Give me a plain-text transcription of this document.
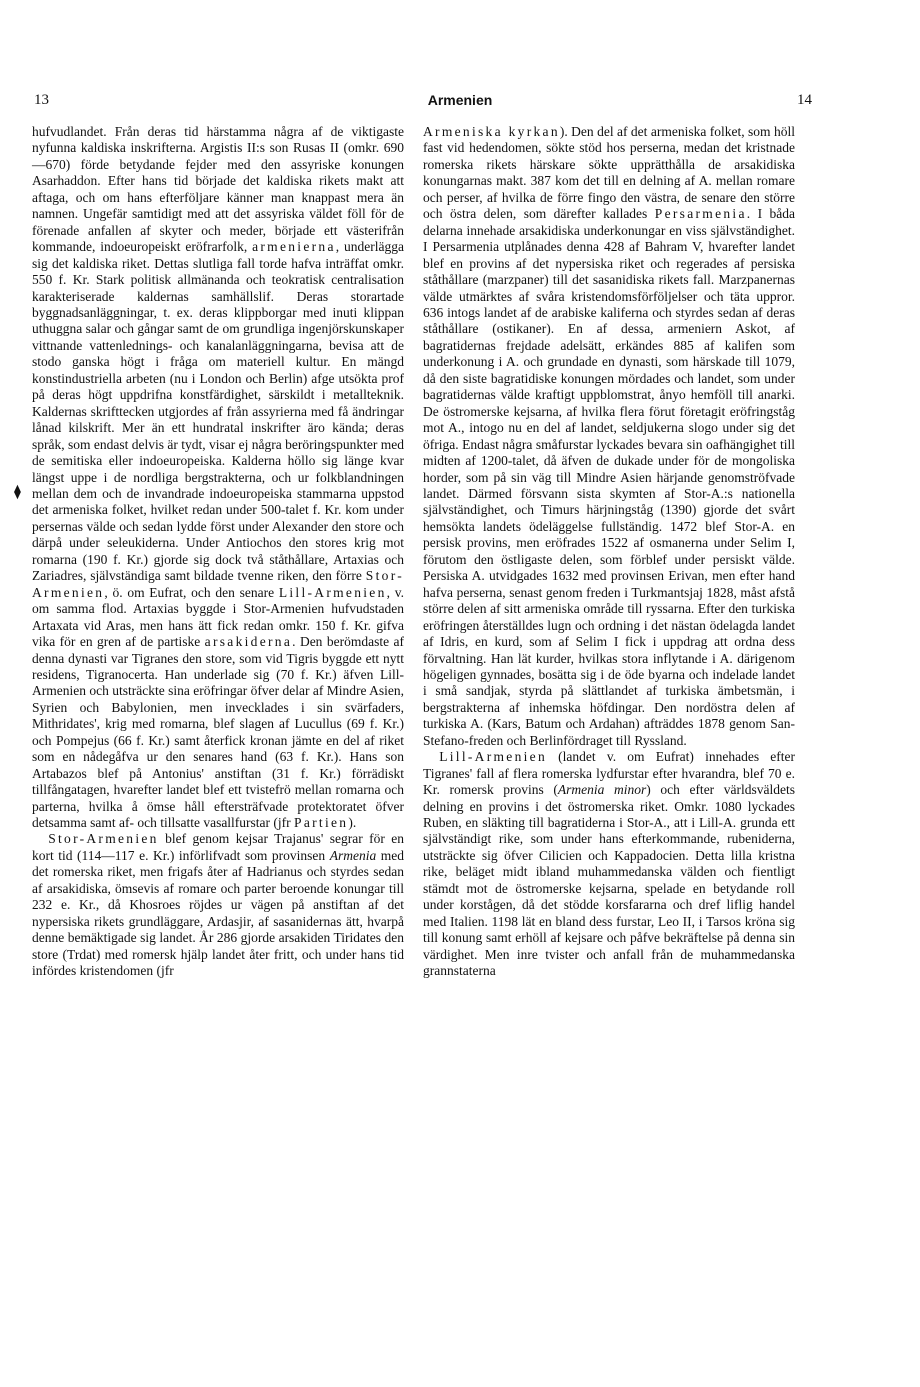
13	Armenien	14
⧫

hufvudlandet. Från deras tid härstamma några af de viktigaste nyfunna kaldiska inskrifterna. Argistis II:s son Rusas II (omkr. 690—670) förde betydande fejder med den assyriske konungen Asarhaddon. Efter hans tid började det kaldiska rikets makt att aftaga, och om hans efterföljare känner man knappast mera än namnen. Ungefär samtidigt med att det assyriska väldet föll för de förenade anfallen af skyter och meder, började ett västerifrån kommande, indoeuropeiskt eröfrarfolk, armenierna, underlägga sig det kaldiska riket. Dettas slutliga fall torde hafva inträffat omkr. 550 f. Kr. Stark politisk allmänanda och teokratisk centralisation karakteriserade kaldernas samhällslif. Deras storartade byggnadsanläggningar, t. ex. deras klippborgar med inuti klippan uthuggna salar och gångar samt de om grundliga ingenjörskunskaper vittnande vattenlednings- och kanalanläggningarna, bevisa att de stodo ganska högt i fråga om materiell kultur. En mängd konstindustriella arbeten (nu i London och Berlin) afge utsökta prof på deras högt uppdrifna konstfärdighet, särskildt i metallteknik. Kaldernas skrifttecken utgjordes af från assyrierna med få ändringar lånad kilskrift. Mer än ett hundratal inskrifter äro kända; deras språk, som endast delvis är tydt, visar ej några beröringspunkter med de semitiska eller indoeuropeiska. Kalderna höllo sig länge kvar längst uppe i de nordliga bergstrakterna, och ur folkblandningen mellan dem och de invandrade indoeuropeiska stammarna uppstod det armeniska folket, hvilket redan under 500-talet f. Kr. kom under persernas välde och sedan lydde först under Alexander den store och därpå under seleukiderna. Under Antiochos den stores krig mot romarna (190 f. Kr.) gjorde sig dock två ståthållare, Artaxias och Zariadres, självständiga samt bildade tvenne riken, den förre Stor-Armenien, ö. om Eufrat, och den senare Lill-Armenien, v. om samma flod. Artaxias byggde i Stor-Armenien hufvudstaden Artaxata vid Aras, men hans ätt fick redan omkr. 150 f. Kr. gifva vika för en gren af de partiske arsakiderna. Den berömdaste af denna dynasti var Tigranes den store, som vid Tigris byggde ett nytt residens, Tigranocerta. Han underlade sig (70 f. Kr.) äfven Lill-Armenien och utsträckte sina eröfringar öfver delar af Mindre Asien, Syrien och Babylonien, men invecklades i sin svärfaders, Mithridates', krig med romarna, blef slagen af Lucullus (69 f. Kr.) och Pompejus (66 f. Kr.) samt återfick kronan jämte en del af riket som en nådegåfva ur den senares hand (63 f. Kr.). Hans son Artabazos blef på Antonius' anstiftan (31 f. Kr.) förrädiskt tillfångatagen, hvarefter landet blef ett tvistefrö mellan romarna och parterna, hvilka å ömse håll eftersträfvade protektoratet öfver detsamma samt af- och tillsatte vasallfurstar (jfr Partien).

Stor-Armenien blef genom kejsar Trajanus' segrar för en kort tid (114—117 e. Kr.) införlifvadt som provinsen Armenia med det romerska riket, men frigafs åter af Hadrianus och styrdes sedan af arsakidiska, ömsevis af romare och parter beroende konungar till 232 e. Kr., då Khosroes röjdes ur vägen på anstiftan af det nypersiska rikets grundläggare, Ardasjir, af sasanidernas ätt, hvarpå denne bemäktigade sig landet. År 286 gjorde arsakiden Tiridates den store (Trdat) med romersk hjälp landet åter fritt, och under hans tid infördes kristendomen (jfr

Armeniska kyrkan). Den del af det armeniska folket, som höll fast vid hedendomen, sökte stöd hos perserna, medan det kristnade romerska rikets härskare sökte upprätthålla de arsakidiska konungarnas makt. 387 kom det till en delning af A. mellan romare och perser, af hvilka de förre fingo den västra, de senare den större och östra delen, som därefter kallades Persarmenia. I båda delarna innehade arsakidiska underkonungar en viss självständighet. I Persarmenia utplånades denna 428 af Bahram V, hvarefter landet blef en provins af det nypersiska riket och regerades af persiska ståthållare (marzpaner) till det sasanidiska rikets fall. Marzpanernas välde utmärktes af svåra kristendomsförföljelser och täta uppror. 636 intogs landet af de arabiske kaliferna och styrdes sedan af deras ståthållare (ostikaner). En af dessa, armeniern Askot, af bagratidernas frejdade adelsätt, erkändes 885 af kalifen som underkonung i A. och grundade en dynasti, som härskade till 1079, då den siste bagratidiske konungen mördades och landet, som under bagratidernas välde kraftigt uppblomstrat, ånyo hemföll till anarki. De östromerske kejsarna, af hvilka flera förut företagit eröfringståg mot A., intogo nu en del af landet, seldjukerna slogo under sig det öfriga. Endast några småfurstar lyckades bevara sin oafhängighet till midten af 1200-talet, då äfven de dukade under för de mongoliska horder, som på sin väg till Mindre Asien härjande genomströfvade landet. Därmed försvann sista skymten af Stor-A.:s nationella självständighet, och Timurs härjningståg (1390) gjorde det svårt hemsökta landets ödeläggelse fullständig. 1472 blef Stor-A. en persisk provins, men eröfrades 1522 af osmanerna under Selim I, förutom den östligaste delen, som förblef under persiskt välde. Persiska A. utvidgades 1632 med provinsen Erivan, men efter hand hafva perserna, senast genom freden i Turkmantsjaj 1828, måst afstå större delen af sitt armeniska område till ryssarna. Efter den turkiska eröfringen återställdes lugn och ordning i det nästan ödelagda landet af Idris, en kurd, som af Selim I fick i uppdrag att ordna dess förvaltning. Han lät kurder, hvilkas stora inflytande i A. därigenom högeligen gynnades, bosätta sig i de öde byarna och indelade landet i små sandjak, styrda på slättlandet af turkiska ämbetsmän, i bergstrakterna af inhemska höfdingar. Den nordöstra delen af turkiska A. (Kars, Batum och Ardahan) afträddes 1878 genom San-Stefano-freden och Berlinfördraget till Ryssland.

Lill-Armenien (landet v. om Eufrat) innehades efter Tigranes' fall af flera romerska lydfurstar efter hvarandra, blef 70 e. Kr. romersk provins (Armenia minor) och efter världsväldets delning en provins i det östromerska riket. Omkr. 1080 lyckades Ruben, en släkting till bagratiderna i Stor-A., att i Lill-A. grunda ett självständigt rike, som under hans efterkommande, rubeniderna, utsträckte sig öfver Cilicien och Kappadocien. Detta lilla kristna rike, beläget midt ibland muhammedanska välden och fientligt stämdt mot de östromerske kejsarna, spelade en betydande roll under korstågen, då det stödde korsfararna och dref liflig handel med Italien. 1198 lät en bland dess furstar, Leo II, i Tarsos kröna sig till konung samt erhöll af kejsare och påfve bekräftelse på denna sin värdighet. Men inre tvister och anfall från de muhammedanska grannstaterna
